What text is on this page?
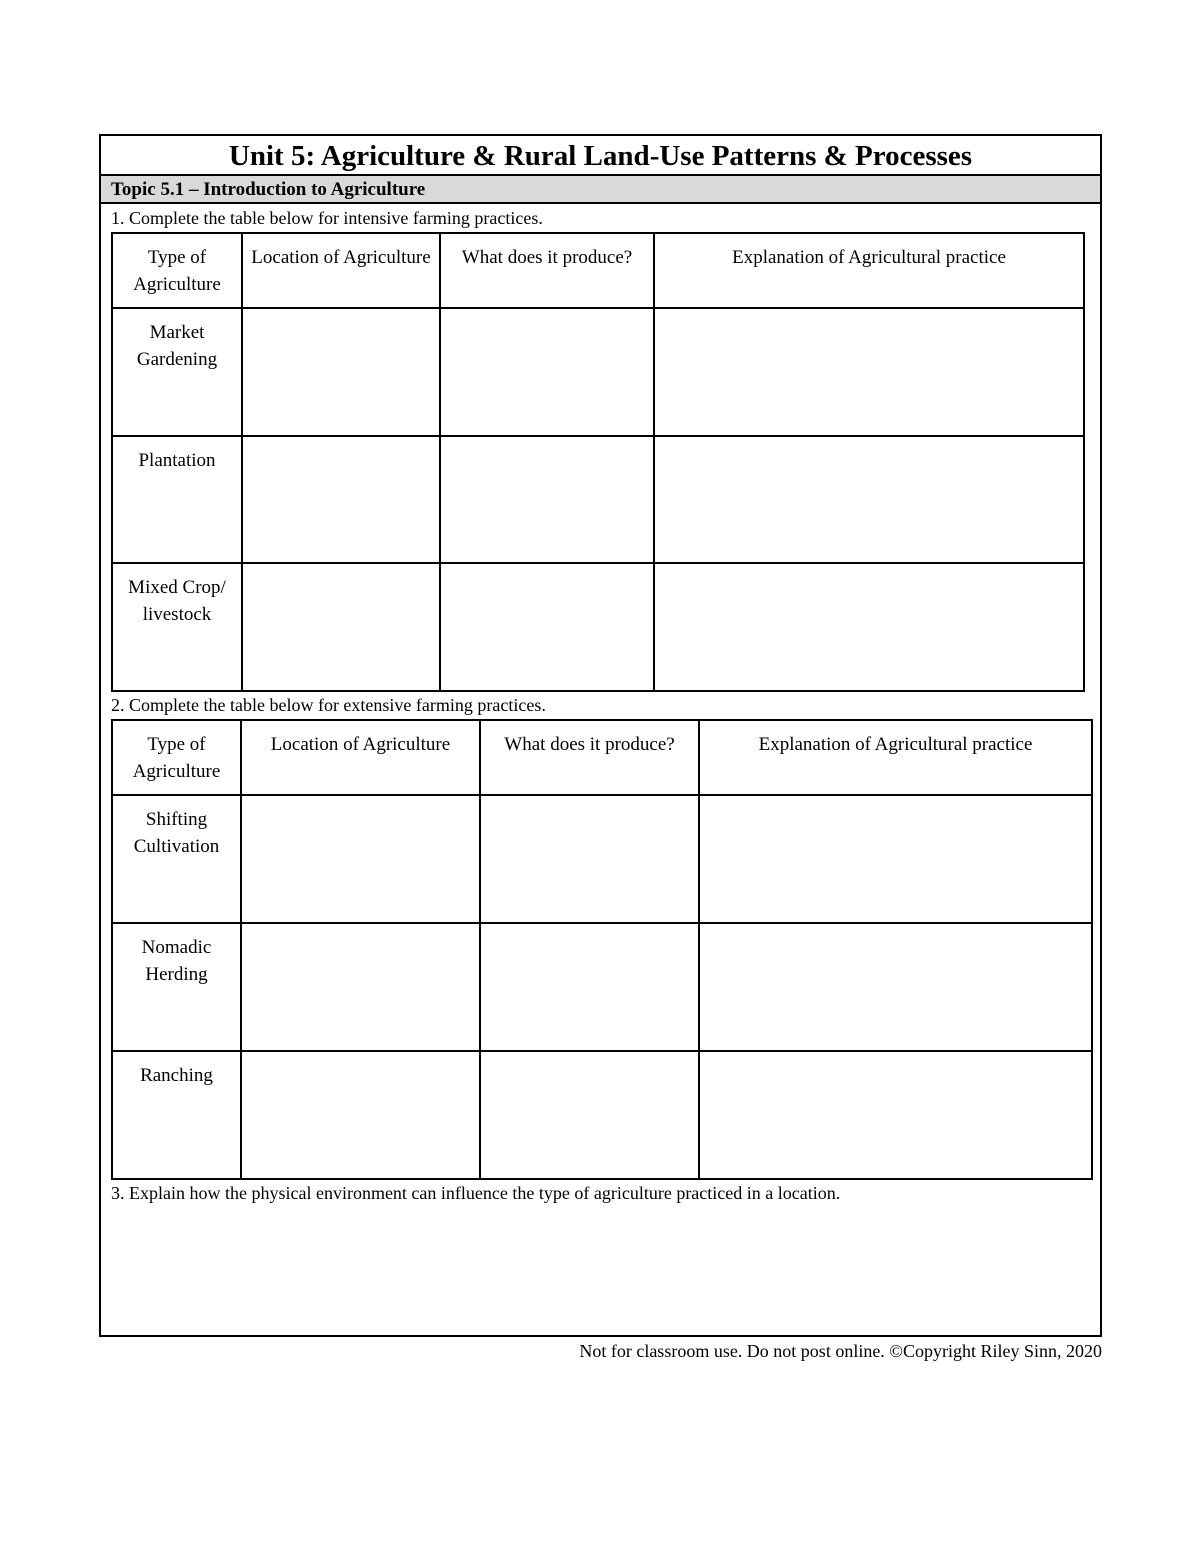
Unit 5: Agriculture & Rural Land-Use Patterns & Processes
Topic 5.1 – Introduction to Agriculture
1. Complete the table below for intensive farming practices.
Type of Agriculture	Location of Agriculture	What does it produce?	Explanation of Agricultural practice
Market Gardening			
Plantation			
Mixed Crop/ livestock			
2. Complete the table below for extensive farming practices.
Type of Agriculture	Location of Agriculture	What does it produce?	Explanation of Agricultural practice
Shifting Cultivation			
Nomadic Herding			
Ranching			
3. Explain how the physical environment can influence the type of agriculture practiced in a location.
Not for classroom use. Do not post online. ©Copyright Riley Sinn, 2020
